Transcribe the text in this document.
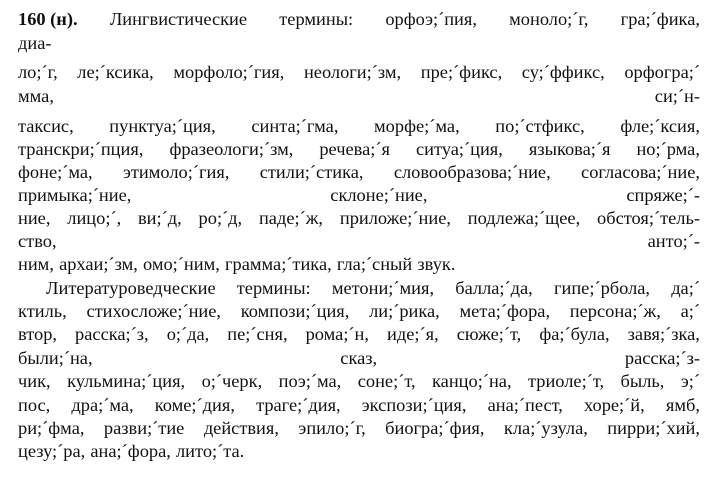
160 (н). Лингвистические термины: орфоэ;´пия, моноло;´г, гра;´фика,
диа-
ло;´г, ле;´ксика, морфоло;´гия, неологи;´зм, пре;´фикс, су;´ффикс, орфогра;´
мма,	си;´н-
таксис, пунктуа;´ция, синта;´гма, морфе;´ма, по;´стфикс, фле;´ксия,
транскри;´пция, фразеологи;´зм, речева;´я ситуа;´ция, языкова;´я но;´рма,
фоне;´ма, этимоло;´гия, стили;´стика, словообразова;´ние, согласова;´ние,
примыка;´ние,	склоне;´ние,	спряже;´-
ние, лицо;´, ви;´д, ро;´д, паде;´ж, приложе;´ние, подлежа;´щее, обстоя;´тель-
ство,	анто;´-
ним, архаи;´зм, омо;´ним, грамма;´тика, гла;´сный звук.
Литературоведческие термины: метони;´мия, балла;´да, гипе;´рбола, да;´
ктиль, стихосложе;´ние, компози;´ция, ли;´рика, мета;´фора, персона;´ж, а;´
втор, расска;´з, о;´да, пе;´сня, рома;´н, иде;´я, сюже;´т, фа;´була, завя;´зка,
были;´на,	сказ,	расска;´з-
чик, кульмина;´ция, о;´черк, поэ;´ма, соне;´т, канцо;´на, триоле;´т, быль, э;´
пос, дра;´ма, коме;´дия, траге;´дия, экспози;´ция, ана;´пест, хоре;´й, ямб,
ри;´фма, разви;´тие действия, эпило;´г, биогра;´фия, кла;´узула, пирри;´хий,
цезу;´ра, ана;´фора, лито;´та.
